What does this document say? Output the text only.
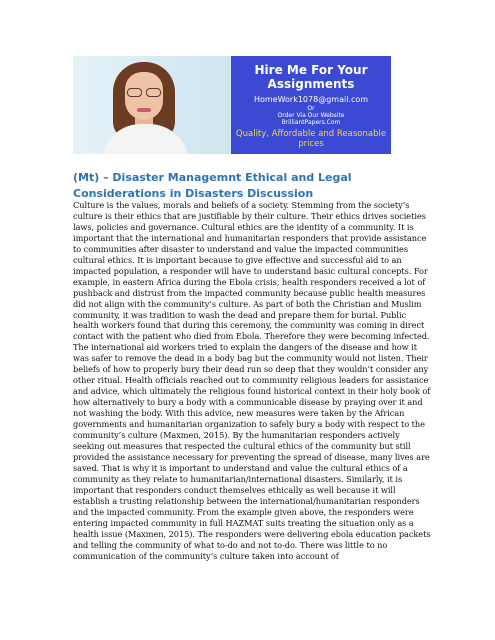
Hire Me For Your Assignments
HomeWork1078@gmail.com
Or
Order Via Our Website
BrilliantPapers.Com
Quality, Affordable and Reasonable prices
(Mt) – Disaster Managemnt Ethical and Legal Considerations in Disasters Discussion
Culture is the values, morals and beliefs of a society. Stemming from the society’s culture is their ethics that are justifiable by their culture. Their ethics drives societies laws, policies and governance. Cultural ethics are the identity of a community. It is important that the international and humanitarian responders that provide assistance to communities after disaster to understand and value the impacted communities cultural ethics. It is important because to give effective and successful aid to an impacted population, a responder will have to understand basic cultural concepts. For example, in eastern Africa during the Ebola crisis, health responders received a lot of pushback and distrust from the impacted community because public health measures did not align with the community’s culture. As part of both the Christian and Muslim community, it was tradition to wash the dead and prepare them for burial. Public health workers found that during this ceremony, the community was coming in direct contact with the patient who died from Ebola. Therefore they were becoming infected. The international aid workers tried to explain the dangers of the disease and how it was safer to remove the dead in a body bag but the community would not listen. Their beliefs of how to properly bury their dead run so deep that they wouldn’t consider any other ritual. Health officials reached out to community religious leaders for assistance and advice, which ultimately the religious found historical context in their holy book of how alternatively to bury a body with a communicable disease by praying over it and not washing the body. With this advice, new measures were taken by the African governments and humanitarian organization to safely bury a body with respect to the community’s culture (Maxmen, 2015). By the humanitarian responders actively seeking out measures that respected the cultural ethics of the community but still provided the assistance necessary for preventing the spread of disease, many lives are saved. That is why it is important to understand and value the cultural ethics of a community as they relate to humanitarian/international disasters. Similarly, it is important that responders conduct themselves ethically as well because it will establish a trusting relationship between the international/humanitarian responders and the impacted community. From the example given above, the responders were entering impacted community in full HAZMAT suits treating the situation only as a health issue (Maxmen, 2015). The responders were delivering ebola education packets and telling the community of what to-do and not to-do. There was little to no communication of the community’s culture taken into account of
